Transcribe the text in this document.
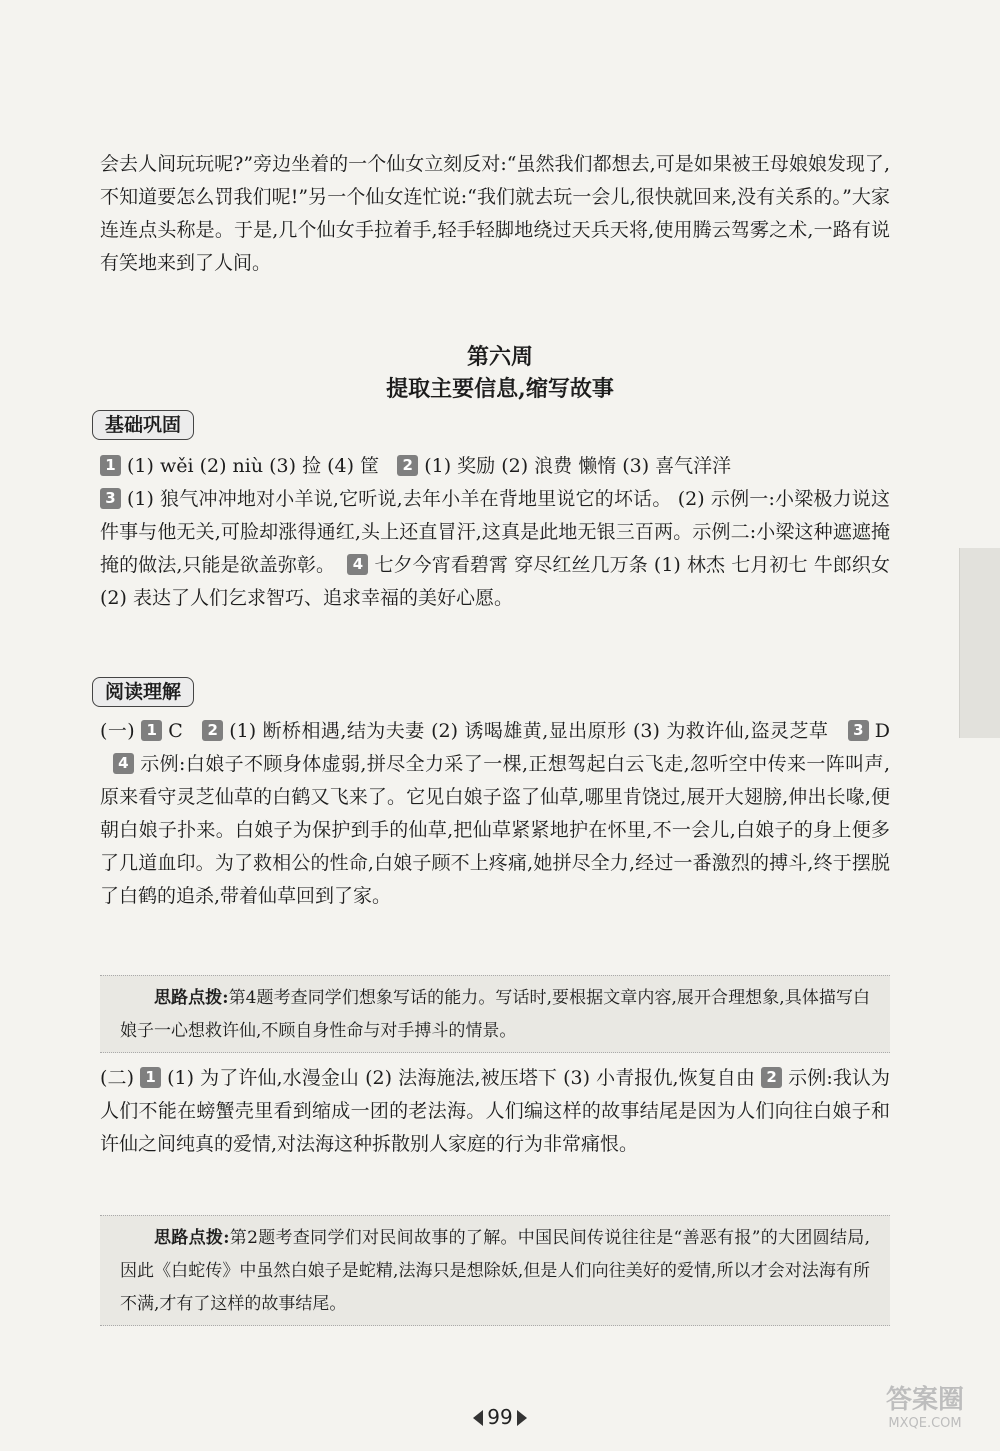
会去人间玩玩呢?”旁边坐着的一个仙女立刻反对:“虽然我们都想去,可是如果被王母娘娘发现了,不知道要怎么罚我们呢!”另一个仙女连忙说:“我们就去玩一会儿,很快就回来,没有关系的。”大家连连点头称是。于是,几个仙女手拉着手,轻手轻脚地绕过天兵天将,使用腾云驾雾之术,一路有说有笑地来到了人间。

第六周
提取主要信息,缩写故事
基础巩固

1 (1) wěi (2) niù (3) 捡 (4) 筐 2 (1) 奖励 (2) 浪费 懒惰 (3) 喜气洋洋

3 (1) 狼气冲冲地对小羊说,它听说,去年小羊在背地里说它的坏话。 (2) 示例一:小梁极力说这件事与他无关,可脸却涨得通红,头上还直冒汗,这真是此地无银三百两。示例二:小梁这种遮遮掩掩的做法,只能是欲盖弥彰。 4 七夕今宵看碧霄 穿尽红丝几万条 (1) 林杰 七月初七 牛郎织女 (2) 表达了人们乞求智巧、追求幸福的美好心愿。

阅读理解

(一) 1 C 2 (1) 断桥相遇,结为夫妻 (2) 诱喝雄黄,显出原形 (3) 为救许仙,盗灵芝草 3 D   4 示例:白娘子不顾身体虚弱,拼尽全力采了一棵,正想驾起白云飞走,忽听空中传来一阵叫声,原来看守灵芝仙草的白鹤又飞来了。它见白娘子盗了仙草,哪里肯饶过,展开大翅膀,伸出长喙,便朝白娘子扑来。白娘子为保护到手的仙草,把仙草紧紧地护在怀里,不一会儿,白娘子的身上便多了几道血印。为了救相公的性命,白娘子顾不上疼痛,她拼尽全力,经过一番激烈的搏斗,终于摆脱了白鹤的追杀,带着仙草回到了家。

思路点拨:第4题考查同学们想象写话的能力。写话时,要根据文章内容,展开合理想象,具体描写白娘子一心想救许仙,不顾自身性命与对手搏斗的情景。

(二) 1 (1) 为了许仙,水漫金山 (2) 法海施法,被压塔下 (3) 小青报仇,恢复自由 2 示例:我认为人们不能在螃蟹壳里看到缩成一团的老法海。人们编这样的故事结尾是因为人们向往白娘子和许仙之间纯真的爱情,对法海这种拆散别人家庭的行为非常痛恨。

思路点拨:第2题考查同学们对民间故事的了解。中国民间传说往往是“善恶有报”的大团圆结局,因此《白蛇传》中虽然白娘子是蛇精,法海只是想除妖,但是人们向往美好的爱情,所以才会对法海有所不满,才有了这样的故事结尾。

99
答案圈
MXQE.COM
